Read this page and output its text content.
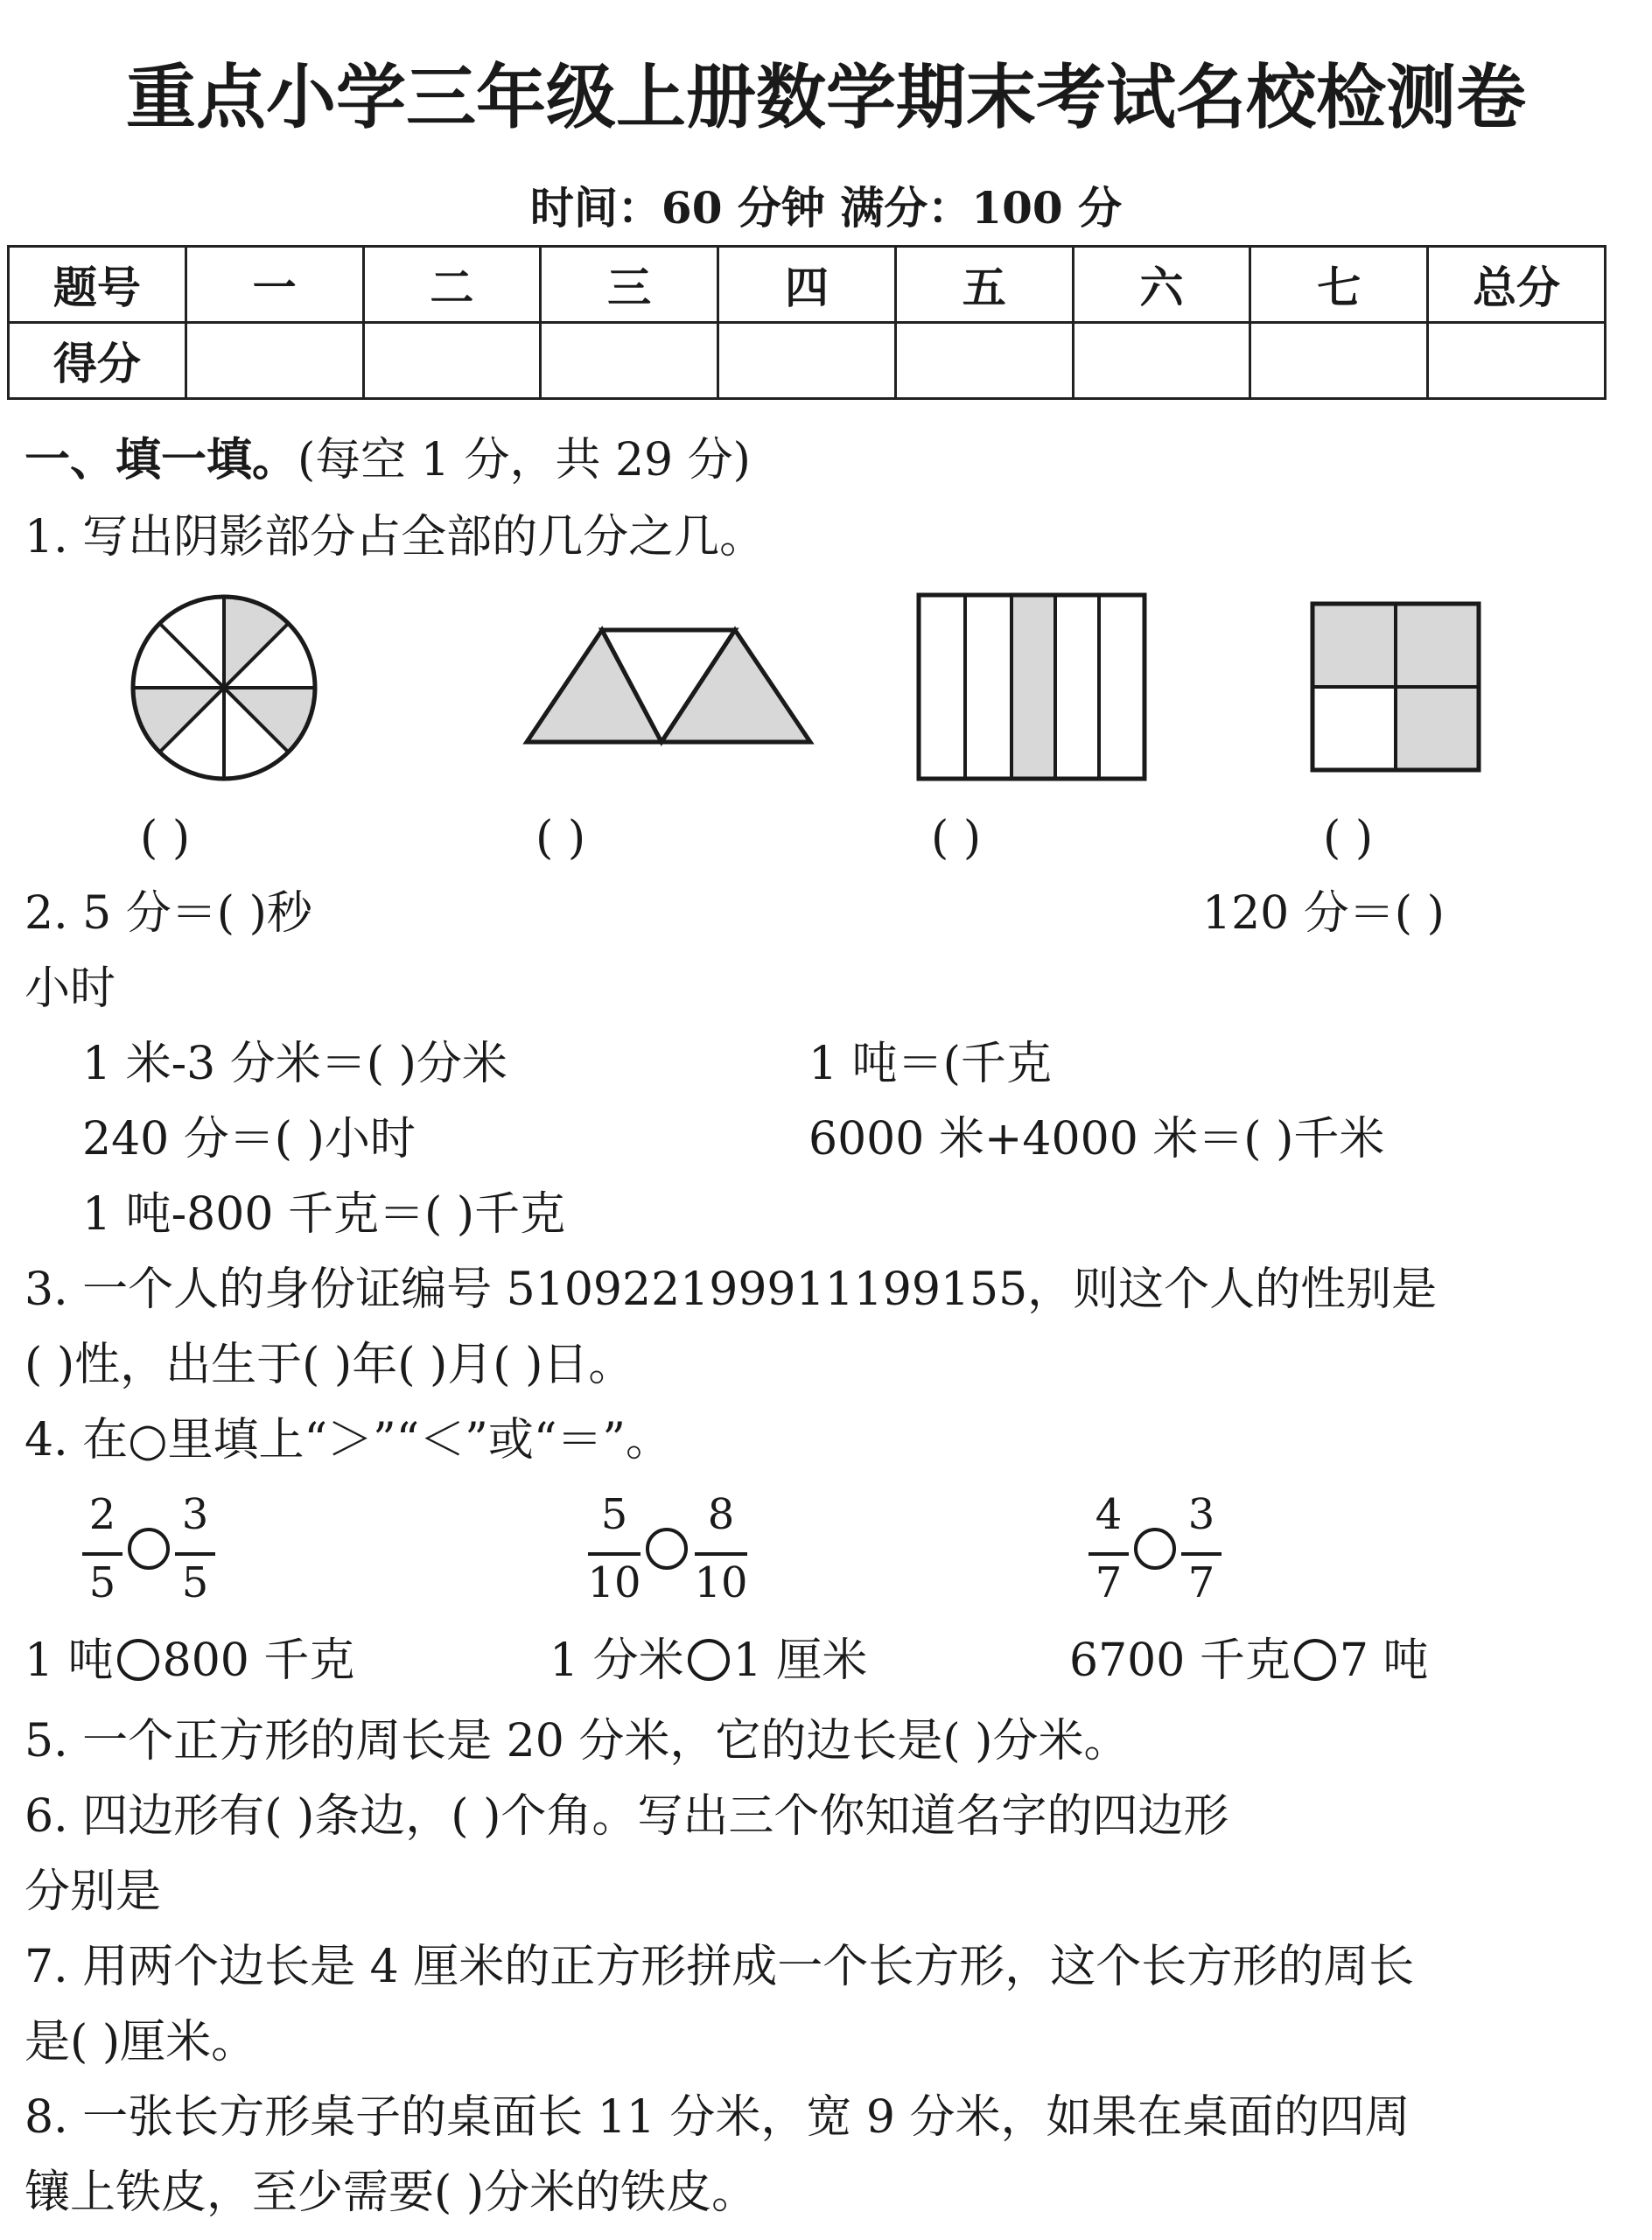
重点小学三年级上册数学期末考试名校检测卷
时间：60 分钟 满分：100 分
题号	一	二	三	四	五	六	七	总分
得分								
一、填一填。(每空 1 分，共 29 分)
1. 写出阴影部分占全部的几分之几。
( )	( )	( )	( )
2. 5 分＝( )秒	120 分＝( )
小时
1 米-3 分米＝( )分米	1 吨＝(千克
240 分＝( )小时	6000 米+4000 米＝( )千米
1 吨-800 千克＝( )千克
3. 一个人的身份证编号 510922199911199155，则这个人的性别是
( )性，出生于( )年( )月( )日。
4. 在○里填上“＞”“＜”或“＝”。
2
5
3
5
5
10
8
10
4
7
3
7
1 吨 800 千克	1 分米 1 厘米	6700 千克 7 吨
5. 一个正方形的周长是 20 分米，它的边长是( )分米。
6. 四边形有( )条边，( )个角。写出三个你知道名字的四边形
分别是
7. 用两个边长是 4 厘米的正方形拼成一个长方形，这个长方形的周长
是( )厘米。
8. 一张长方形桌子的桌面长 11 分米，宽 9 分米，如果在桌面的四周
镶上铁皮，至少需要( )分米的铁皮。
